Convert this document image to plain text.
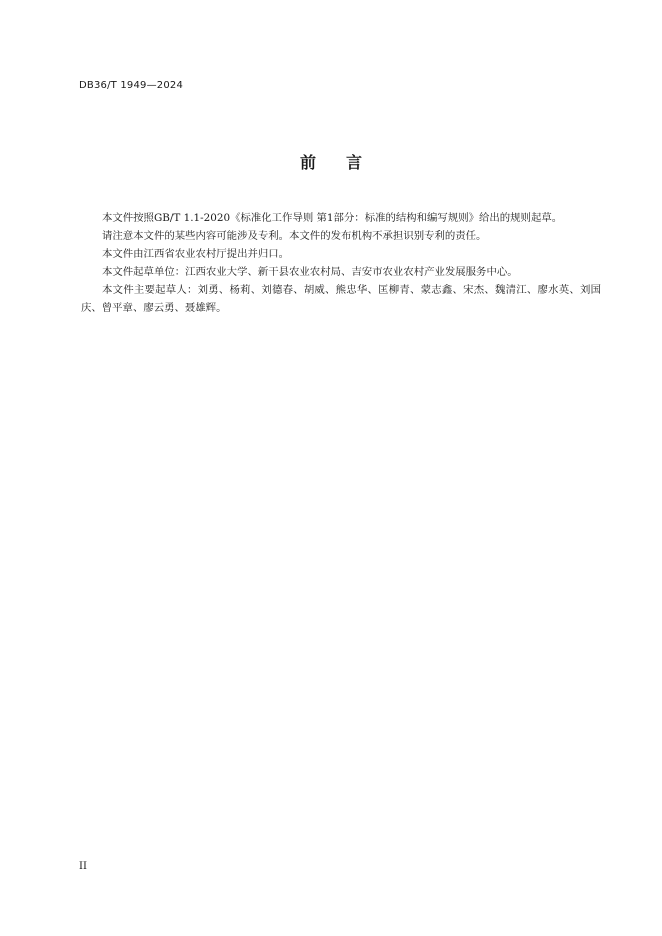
DB36/T 1949—2024
前 言

本文件按照GB/T 1.1-2020《标准化工作导则 第1部分：标准的结构和编写规则》给出的规则起草。

请注意本文件的某些内容可能涉及专利。本文件的发布机构不承担识别专利的责任。

本文件由江西省农业农村厅提出并归口。

本文件起草单位：江西农业大学、新干县农业农村局、吉安市农业农村产业发展服务中心。

本文件主要起草人：刘勇、杨莉、刘德春、胡威、熊忠华、匡柳青、蒙志鑫、宋杰、魏清江、廖水英、刘国庆、曾平章、廖云勇、聂雄辉。

II
